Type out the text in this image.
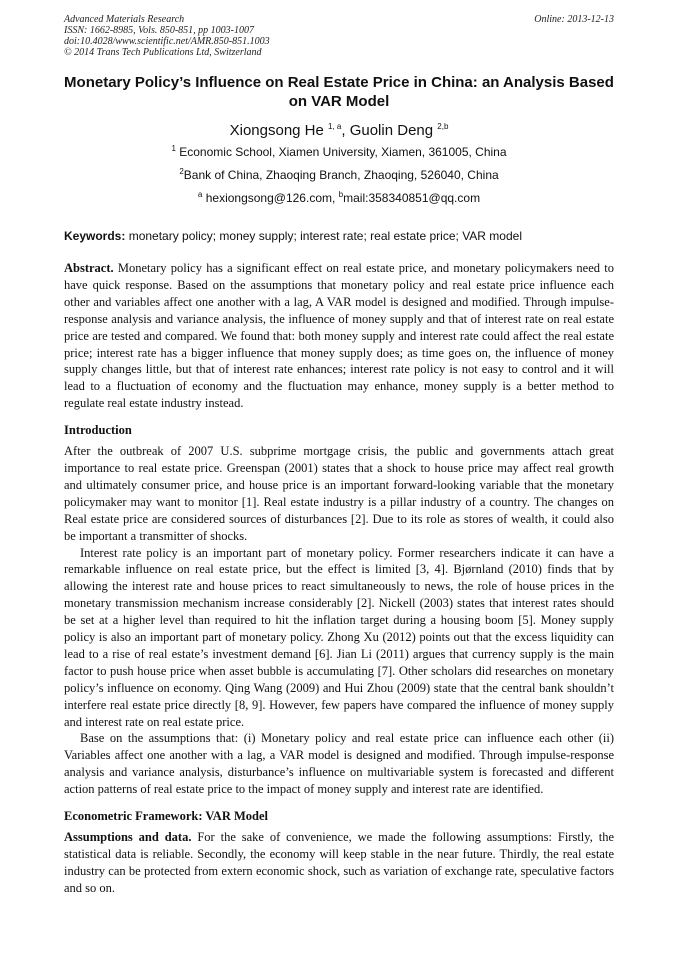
Advanced Materials Research
ISSN: 1662-8985, Vols. 850-851, pp 1003-1007
doi:10.4028/www.scientific.net/AMR.850-851.1003
© 2014 Trans Tech Publications Ltd, Switzerland
Online: 2013-12-13
Monetary Policy’s Influence on Real Estate Price in China: an Analysis Based on VAR Model
Xiongsong He $^{1, a}$, Guolin Deng $^{2,b}$
$^1$ Economic School, Xiamen University, Xiamen, 361005, China
$^2$Bank of China, Zhaoqing Branch, Zhaoqing, 526040, China
$^a$ hexiongsong@126.com, $^b$mail:358340851@qq.com
Keywords: monetary policy; money supply; interest rate; real estate price; VAR model

Abstract. Monetary policy has a significant effect on real estate price, and monetary policymakers need to have quick response. Based on the assumptions that monetary policy and real estate price influence each other and variables affect one another with a lag, A VAR model is designed and modified. Through impulse-response analysis and variance analysis, the influence of money supply and that of interest rate on real estate price are tested and compared. We found that: both money supply and interest rate could affect the real estate price; interest rate has a bigger influence that money supply does; as time goes on, the influence of money supply changes little, but that of interest rate enhances; interest rate policy is not easy to control and it will lead to a fluctuation of economy and the fluctuation may enhance, money supply is a better method to regulate real estate industry instead.

Introduction

After the outbreak of 2007 U.S. subprime mortgage crisis, the public and governments attach great importance to real estate price. Greenspan (2001) states that a shock to house price may affect real growth and ultimately consumer price, and house price is an important forward-looking variable that the monetary policymaker may want to monitor [1]. Real estate industry is a pillar industry of a country. The changes on Real estate price are considered sources of disturbances [2]. Due to its role as stores of wealth, it could also be important a transmitter of shocks.

Interest rate policy is an important part of monetary policy. Former researchers indicate it can have a remarkable influence on real estate price, but the effect is limited [3, 4]. Bjørnland (2010) finds that by allowing the interest rate and house prices to react simultaneously to news, the role of house prices in the monetary transmission mechanism increase considerably [2]. Nickell (2003) states that interest rates should be set at a higher level than required to hit the inflation target during a housing boom [5]. Money supply policy is also an important part of monetary policy. Zhong Xu (2012) points out that the excess liquidity can lead to a rise of real estate’s investment demand [6]. Jian Li (2011) argues that currency supply is the main factor to push house price when asset bubble is accumulating [7]. Other scholars did researches on monetary policy’s influence on economy. Qing Wang (2009) and Hui Zhou (2009) state that the central bank shouldn’t interfere real estate price directly [8, 9]. However, few papers have compared the influence of money supply and interest rate on real estate price.

Base on the assumptions that: (i) Monetary policy and real estate price can influence each other (ii) Variables affect one another with a lag, a VAR model is designed and modified. Through impulse-response analysis and variance analysis, disturbance’s influence on multivariable system is forecasted and different action patterns of real estate price to the impact of money supply and interest rate are identified.

Econometric Framework: VAR Model

Assumptions and data. For the sake of convenience, we made the following assumptions: Firstly, the statistical data is reliable. Secondly, the economy will keep stable in the near future. Thirdly, the real estate industry can be protected from extern economic shock, such as variation of exchange rate, speculative factors and so on.
